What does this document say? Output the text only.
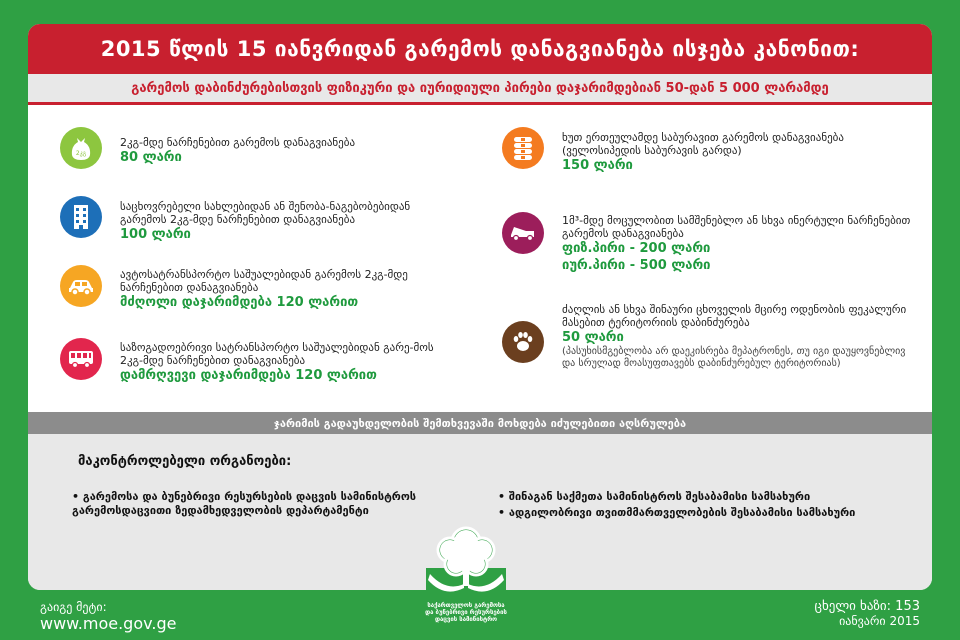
2015 წლის 15 იანვრიდან გარემოს დანაგვიანება ისჯება კანონით:
გარემოს დაბინძურებისთვის ფიზიკური და იურიდიული პირები დაჯარიმდებიან 50-დან 5 000 ლარამდე
2კგ
2კგ-მდე ნარჩენებით გარემოს დანაგვიანება
80 ლარი
საცხოვრებელი სახლებიდან ან შენობა-ნაგებობებიდან გარემოს 2კგ-მდე ნარჩენებით დანაგვიანება
100 ლარი
ავტოსატრანსპორტო საშუალებიდან გარემოს 2კგ-მდე ნარჩენებით დანაგვიანება
მძღოლი დაჯარიმდება 120 ლარით
საზოგადოებრივი სატრანსპორტო საშუალებიდან გარე-მოს 2კგ-მდე ნარჩენებით დანაგვიანება
დამრღვევი დაჯარიმდება 120 ლარით
ხუთ ერთეულამდე საბურავით გარემოს დანაგვიანება (ველოსიპედის საბურავის გარდა)
150 ლარი
1მ³-მდე მოცულობით სამშენებლო ან სხვა ინერტული ნარჩენებით გარემოს დანაგვიანება
ფიზ.პირი - 200 ლარი
იურ.პირი - 500 ლარი
ძაღლის ან სხვა შინაური ცხოველის მცირე ოდენობის ფეკალური მასებით ტერიტორიის დაბინძურება
50 ლარი
(პასუხისმგებლობა არ დაეკისრება მეპატრონეს, თუ იგი დაუყოვნებლივ და სრულად მოასუფთავებს დაბინძურებულ ტერიტორიას)
ჯარიმის გადაუხდელობის შემთხვევაში მოხდება იძულებითი აღსრულება
მაკონტროლებელი ორგანოები:
• გარემოსა და ბუნებრივი რესურსების დაცვის სამინისტროს გარემოსდაცვითი ზედამხედველობის დეპარტამენტი
• შინაგან საქმეთა სამინისტროს შესაბამისი სამსახური
• ადგილობრივი თვითმმართველობების შესაბამისი სამსახური
საქართველოს გარემოსა
და ბუნებრივი რესურსების
დაცვის სამინისტრო
გაიგე მეტი:
www.moe.gov.ge
ცხელი ხაზი: 153
იანვარი 2015
